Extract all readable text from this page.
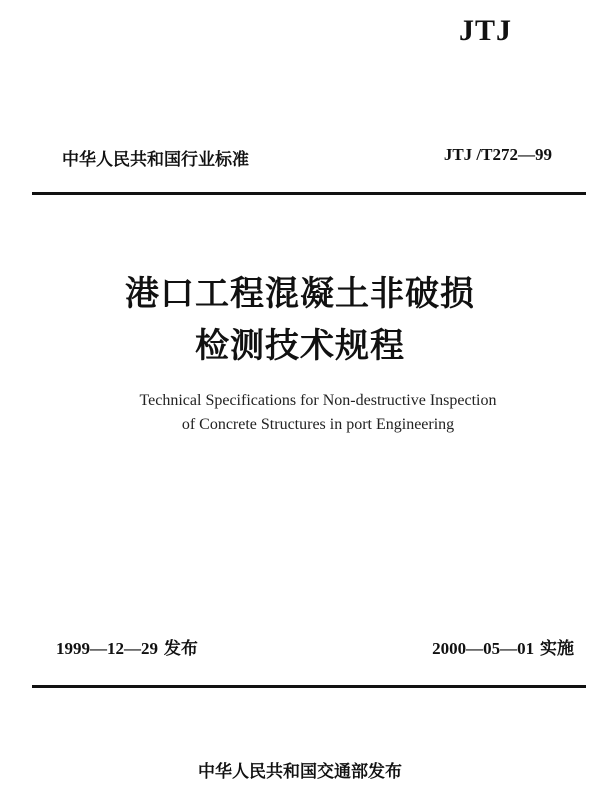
JTJ
中华人民共和国行业标准	JTJ /T272—99
港口工程混凝土非破损
检测技术规程
Technical Specifications for Non-destructive Inspection
of Concrete Structures in port Engineering
1999—12—29 发布	2000—05—01 实施
中华人民共和国交通部发布
